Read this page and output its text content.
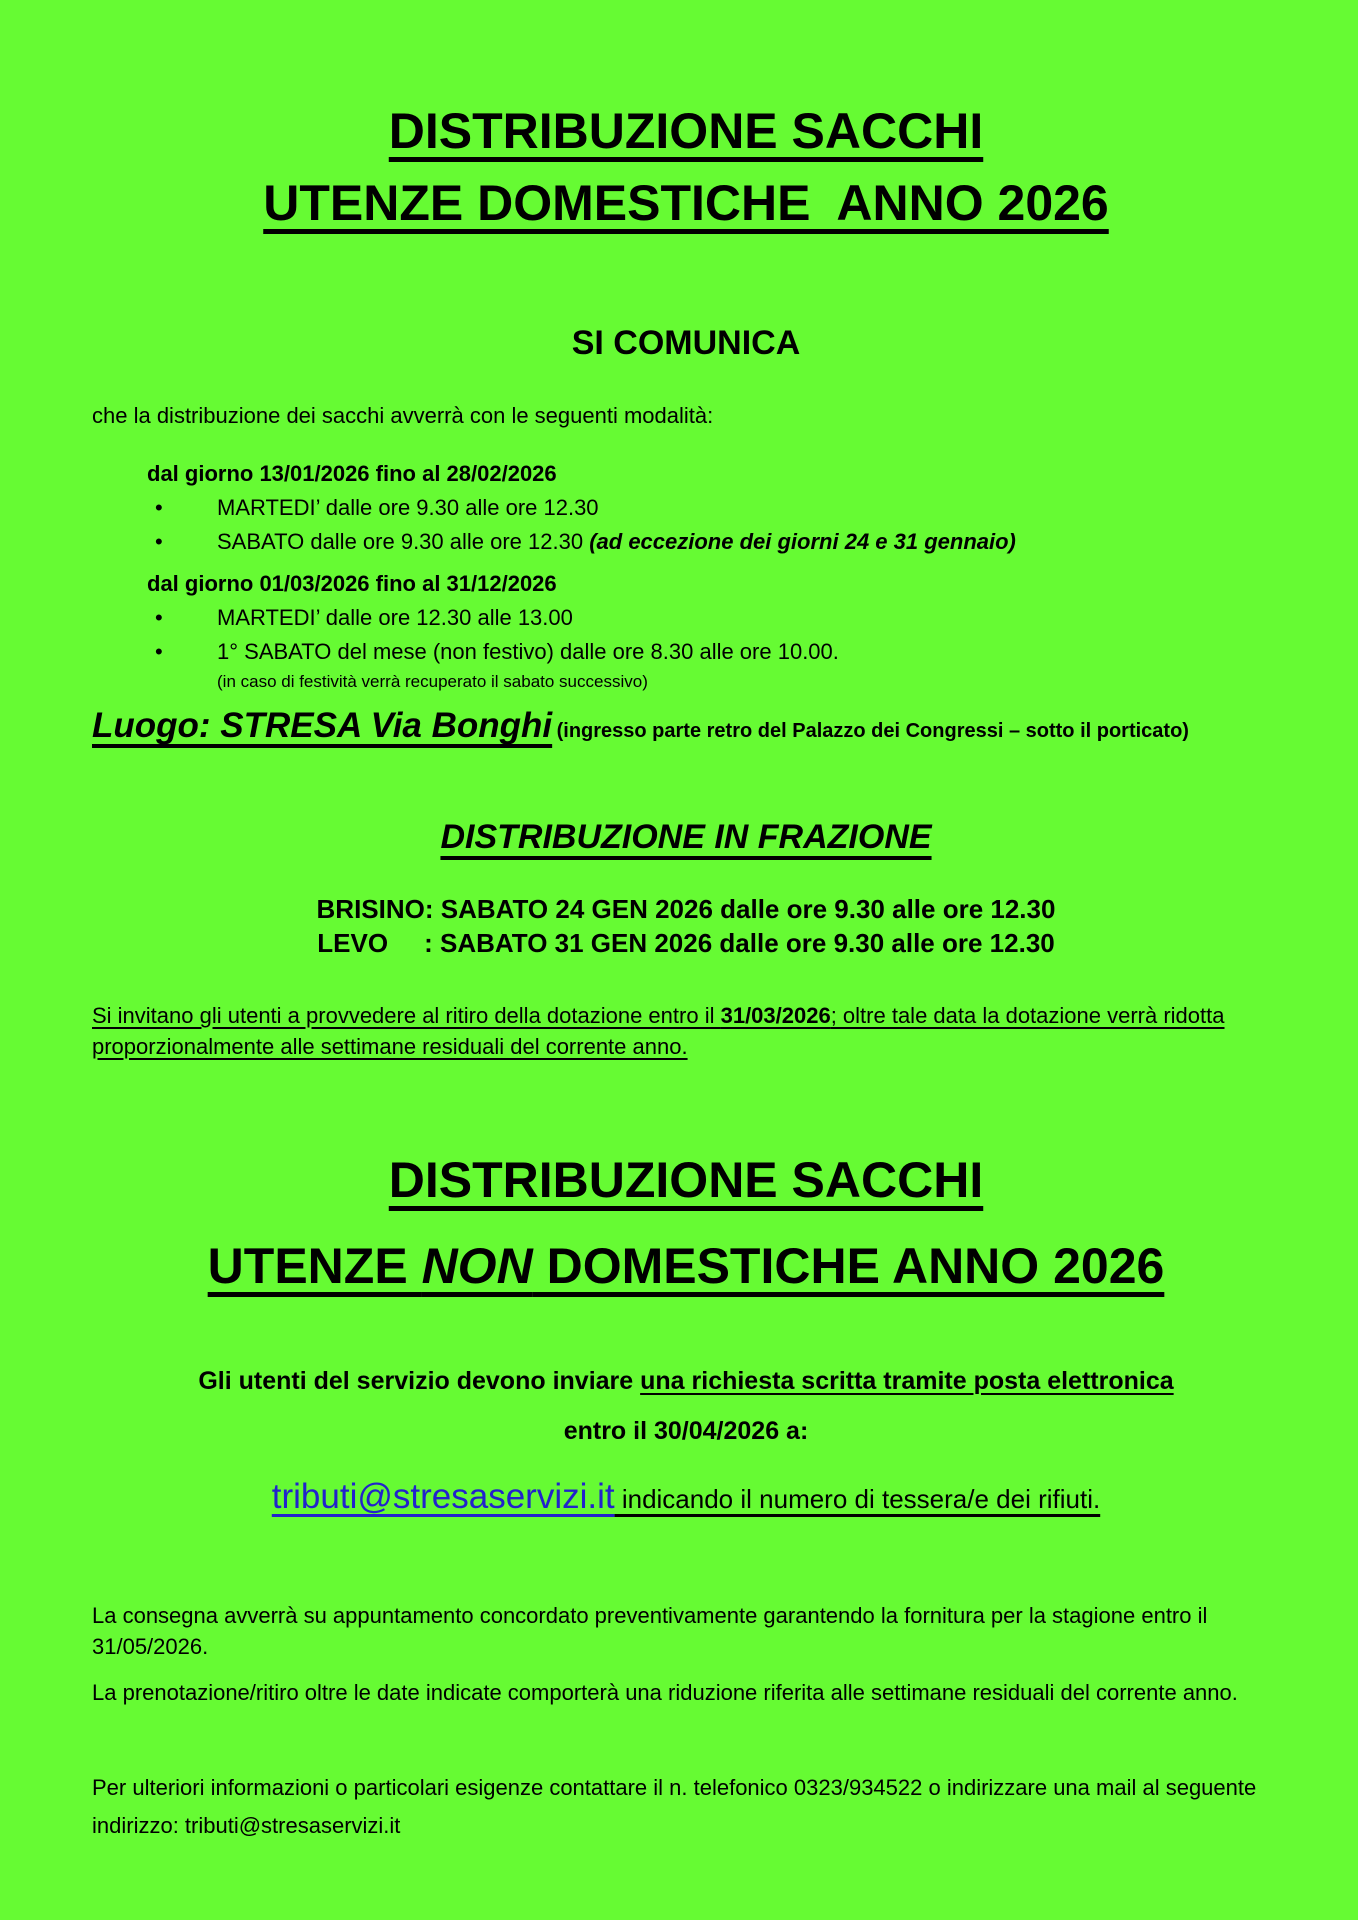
DISTRIBUZIONE SACCHI
UTENZE DOMESTICHE  ANNO 2026
SI COMUNICA

che la distribuzione dei sacchi avverrà con le seguenti modalità:

dal giorno 13/01/2026 fino al 28/02/2026
•	MARTEDI’ dalle ore 9.30 alle ore 12.30
•	SABATO dalle ore 9.30 alle ore 12.30 (ad eccezione dei giorni 24 e 31 gennaio)
dal giorno 01/03/2026 fino al 31/12/2026
•	MARTEDI’ dalle ore 12.30 alle 13.00
•	1° SABATO del mese (non festivo) dalle ore 8.30 alle ore 10.00.
(in caso di festività verrà recuperato il sabato successivo)
Luogo: STRESA Via Bonghi (ingresso parte retro del Palazzo dei Congressi – sotto il porticato)
DISTRIBUZIONE IN FRAZIONE
BRISINO: SABATO 24 GEN 2026 dalle ore 9.30 alle ore 12.30
LEVO     : SABATO 31 GEN 2026 dalle ore 9.30 alle ore 12.30

Si invitano gli utenti a provvedere al ritiro della dotazione entro il 31/03/2026; oltre tale data la dotazione verrà ridotta proporzionalmente alle settimane residuali del corrente anno.

DISTRIBUZIONE SACCHI
UTENZE NON DOMESTICHE ANNO 2026

Gli utenti del servizio devono inviare una richiesta scritta tramite posta elettronica

entro il 30/04/2026 a:

tributi@stresaservizi.it indicando il numero di tessera/e dei rifiuti.

La consegna avverrà su appuntamento concordato preventivamente garantendo la fornitura per la stagione entro il 31/05/2026.

La prenotazione/ritiro oltre le date indicate comporterà una riduzione riferita alle settimane residuali del corrente anno.

Per ulteriori informazioni o particolari esigenze contattare il n. telefonico 0323/934522 o indirizzare una mail al seguente indirizzo: tributi@stresaservizi.it
